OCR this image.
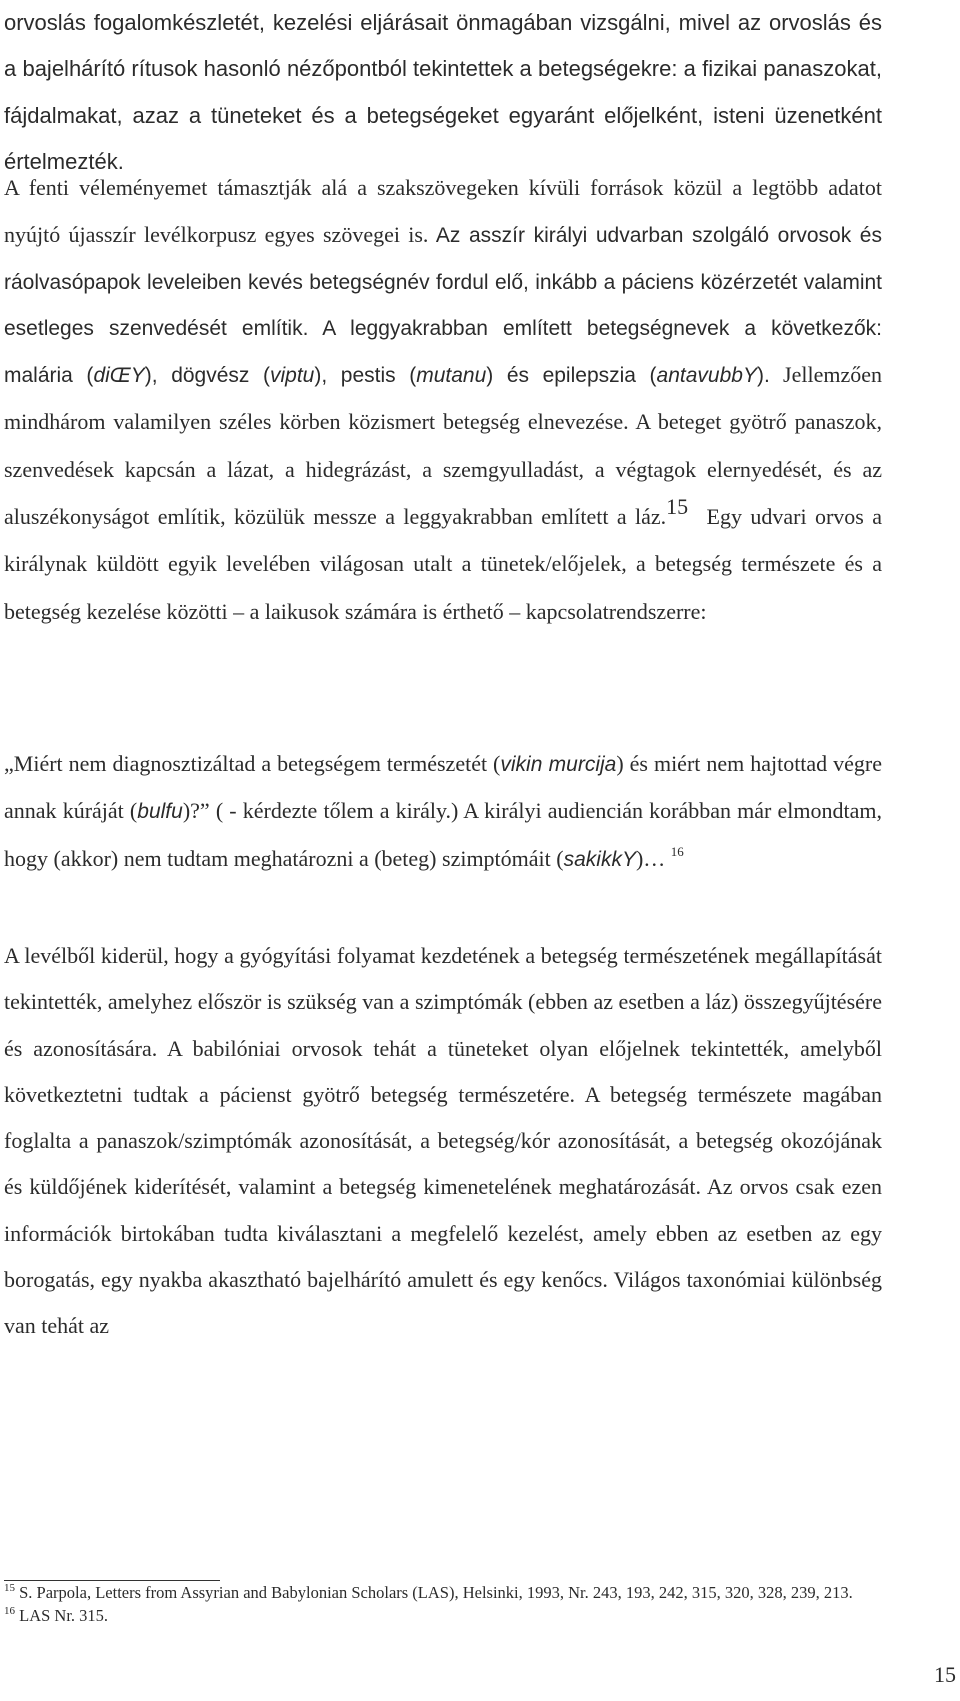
orvoslás fogalomkészletét, kezelési eljárásait önmagában vizsgálni, mivel az orvoslás és a bajelhárító rítusok hasonló nézőpontból tekintettek a betegségekre: a fizikai panaszokat, fájdalmakat, azaz a tüneteket és a betegségeket egyaránt előjelként, isteni üzenetként értelmezték.

A fenti véleményemet támasztják alá a szakszövegeken kívüli források közül a legtöbb adatot nyújtó újasszír levélkorpusz egyes szövegei is. Az asszír királyi udvarban szolgáló orvosok és ráolvasópapok leveleiben kevés betegségnév fordul elő, inkább a páciens közérzetét valamint esetleges szenvedését említik. A leggyakrabban említett betegségnevek a következők: malária (diŒY), dögvész (viptu), pestis (mutanu) és epilepszia (antavubbY). Jellemzően mindhárom valamilyen széles körben közismert betegség elnevezése. A beteget gyötrő panaszok, szenvedések kapcsán a lázat, a hidegrázást, a szemgyulladást, a végtagok elernyedését, és az aluszékonyságot említik, közülük messze a leggyakrabban említett a láz.15 Egy udvari orvos a királynak küldött egyik levelében világosan utalt a tünetek/előjelek, a betegség természete és a betegség kezelése közötti – a laikusok számára is érthető – kapcsolatrendszerre:

„Miért nem diagnosztizáltad a betegségem természetét (vikin murcija) és miért nem hajtottad végre annak kúráját (bulfu)?” ( - kérdezte tőlem a király.) A királyi audiencián korábban már elmondtam, hogy (akkor) nem tudtam meghatározni a (beteg) szimptómáit (sakikkY)… $^{16}$

A levélből kiderül, hogy a gyógyítási folyamat kezdetének a betegség természetének megállapítását tekintették, amelyhez először is szükség van a szimptómák (ebben az esetben a láz) összegyűjtésére és azonosítására. A babilóniai orvosok tehát a tüneteket olyan előjelnek tekintették, amelyből következtetni tudtak a pácienst gyötrő betegség természetére. A betegség természete magában foglalta a panaszok/szimptómák azonosítását, a betegség/kór azonosítását, a betegség okozójának és küldőjének kiderítését, valamint a betegség kimenetelének meghatározását. Az orvos csak ezen információk birtokában tudta kiválasztani a megfelelő kezelést, amely ebben az esetben az egy borogatás, egy nyakba akasztható bajelhárító amulett és egy kenőcs. Világos taxonómiai különbség van tehát az

$^{15}$ S. Parpola, Letters from Assyrian and Babylonian Scholars (LAS), Helsinki, 1993, Nr. 243, 193, 242, 315, 320, 328, 239, 213.

$^{16}$ LAS Nr. 315.

15
